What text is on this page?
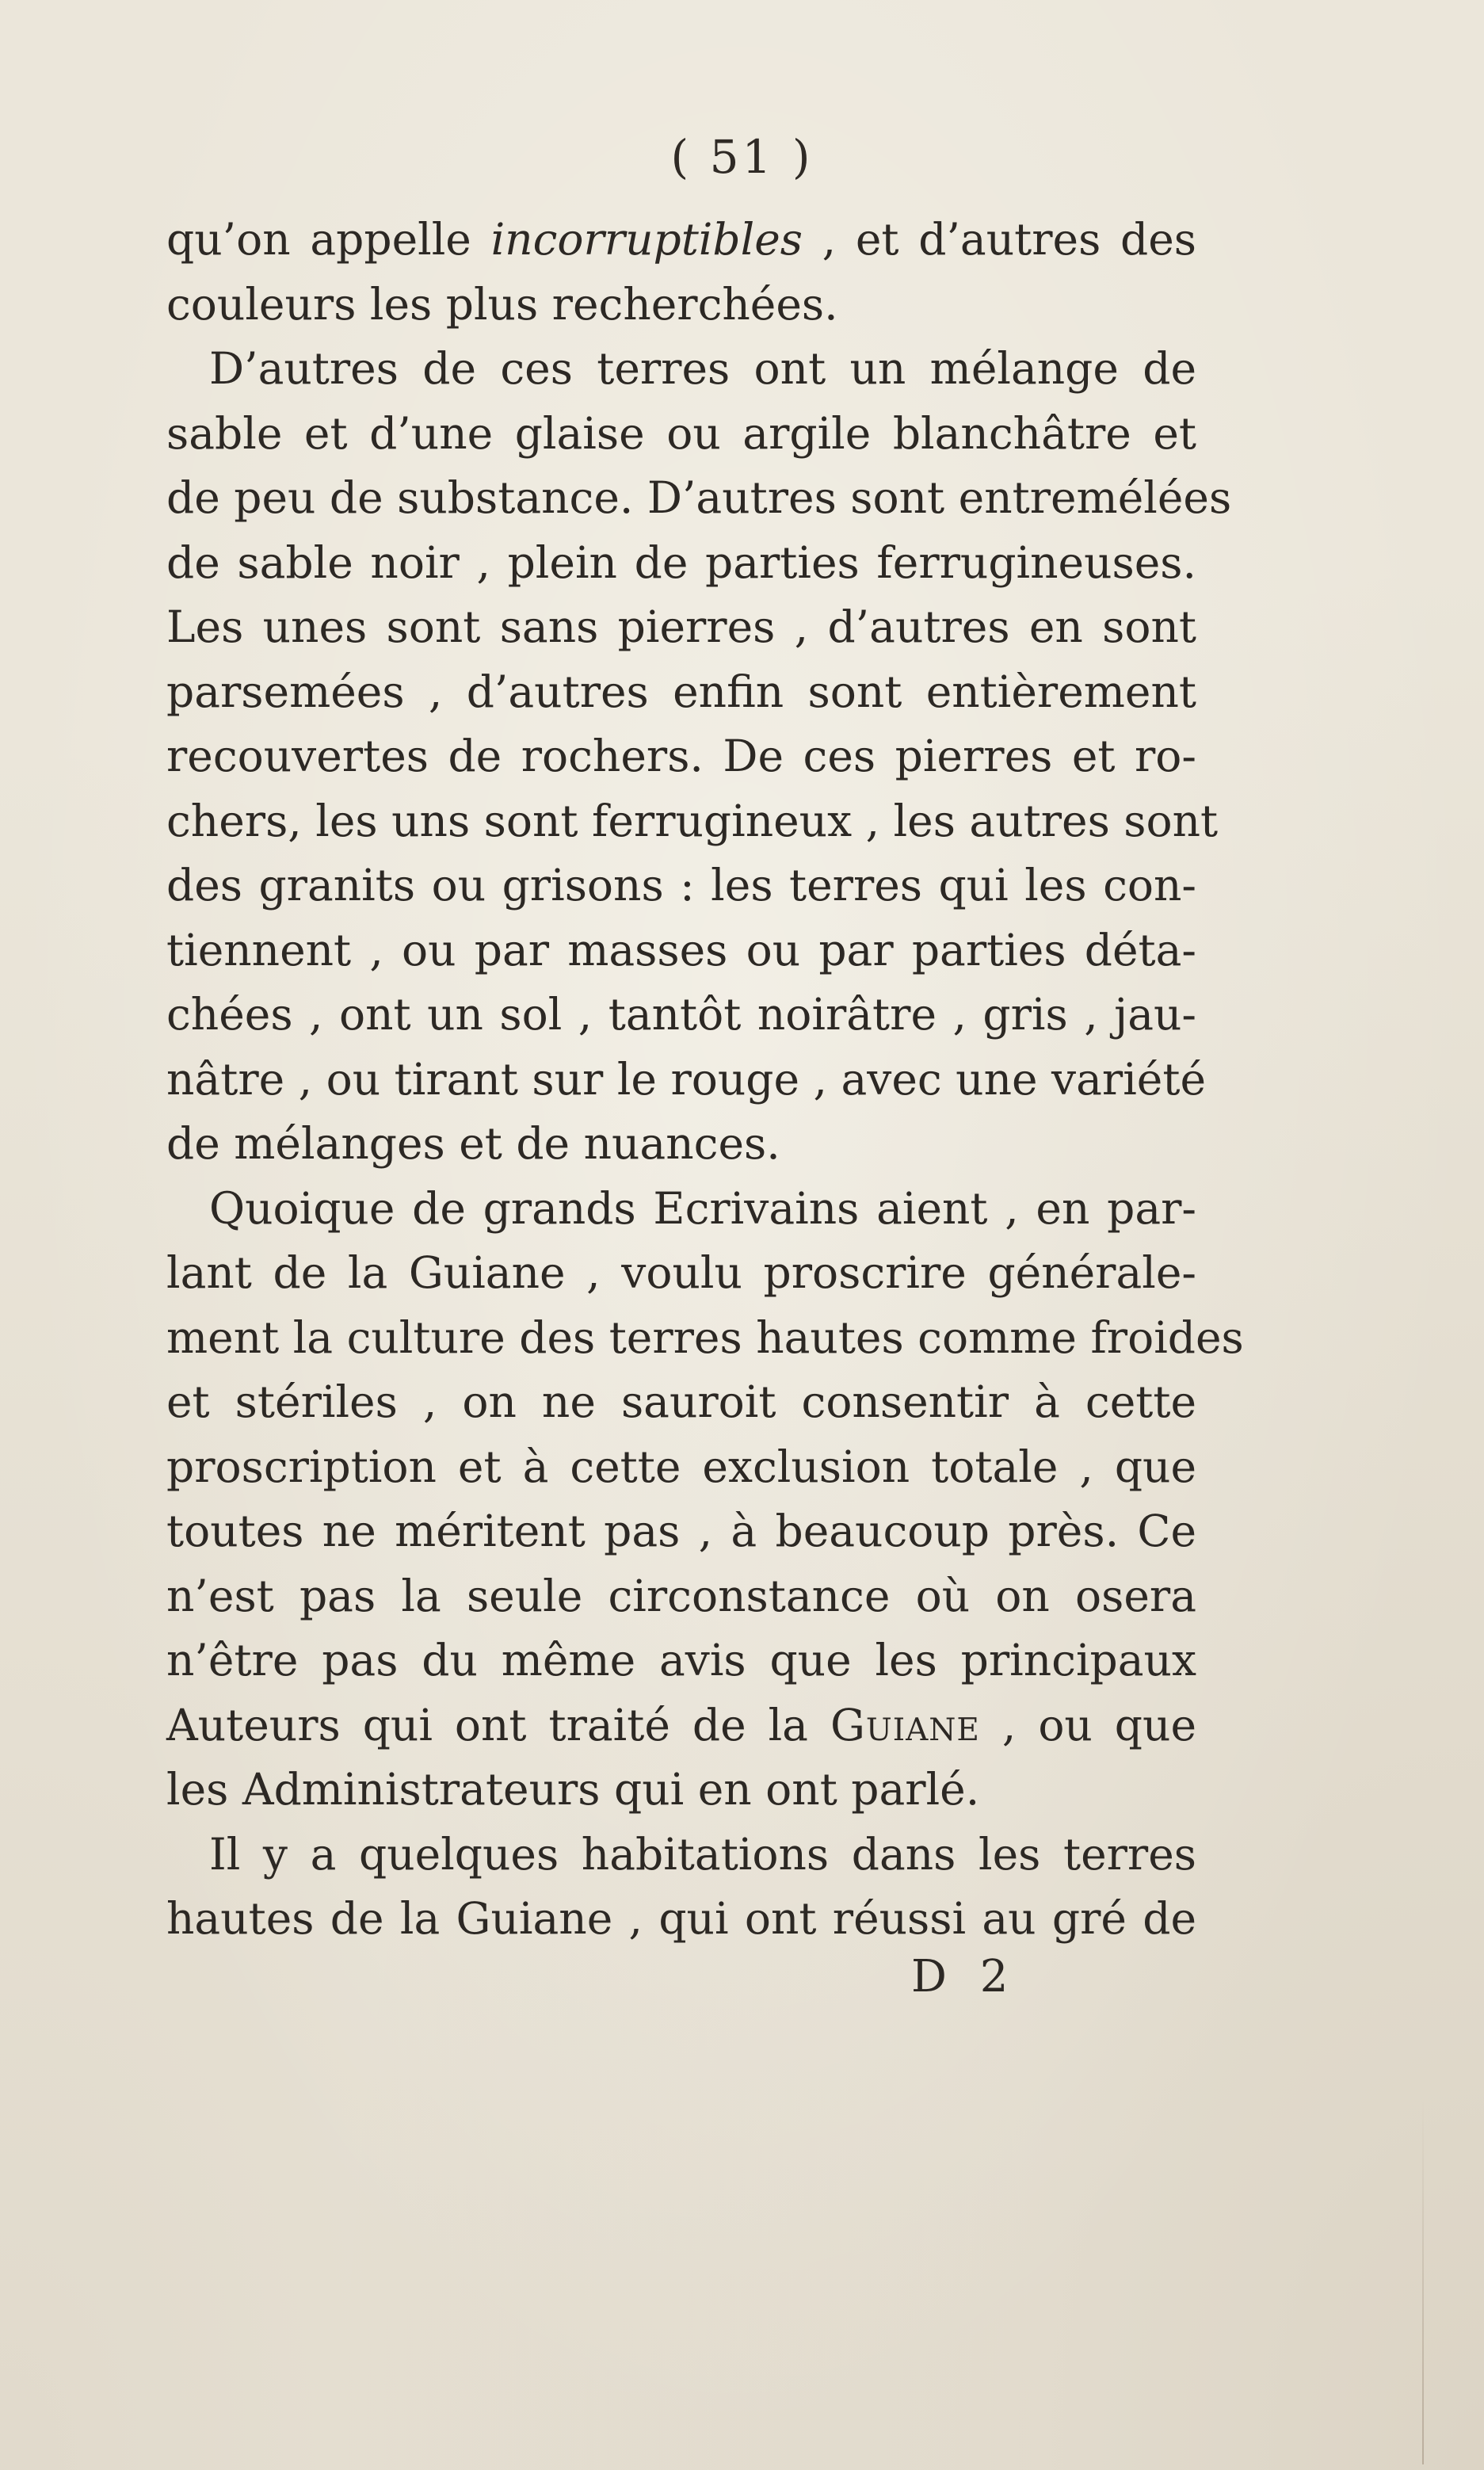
( 51 )
qu’on appelle incorruptibles , et d’autres des
couleurs les plus recherchées.
D’autres de ces terres ont un mélange de
sable et d’une glaise ou argile blanchâtre et
de peu de substance. D’autres sont entremélées
de sable noir , plein de parties ferrugineuses.
Les unes sont sans pierres , d’autres en sont
parsemées , d’autres enfin sont entièrement
recouvertes de rochers. De ces pierres et ro-
chers, les uns sont ferrugineux , les autres sont
des granits ou grisons : les terres qui les con-
tiennent , ou par masses ou par parties déta-
chées , ont un sol , tantôt noirâtre , gris , jau-
nâtre , ou tirant sur le rouge , avec une variété
de mélanges et de nuances.
Quoique de grands Ecrivains aient , en par-
lant de la Guiane , voulu proscrire générale-
ment la culture des terres hautes comme froides
et stériles , on ne sauroit consentir à cette
proscription et à cette exclusion totale , que
toutes ne méritent pas , à beaucoup près. Ce
n’est pas la seule circonstance où on osera
n’être pas du même avis que les principaux
Auteurs qui ont traité de la Guiane , ou que
les Administrateurs qui en ont parlé.
Il y a quelques habitations dans les terres
hautes de la Guiane , qui ont réussi au gré de
D 2
